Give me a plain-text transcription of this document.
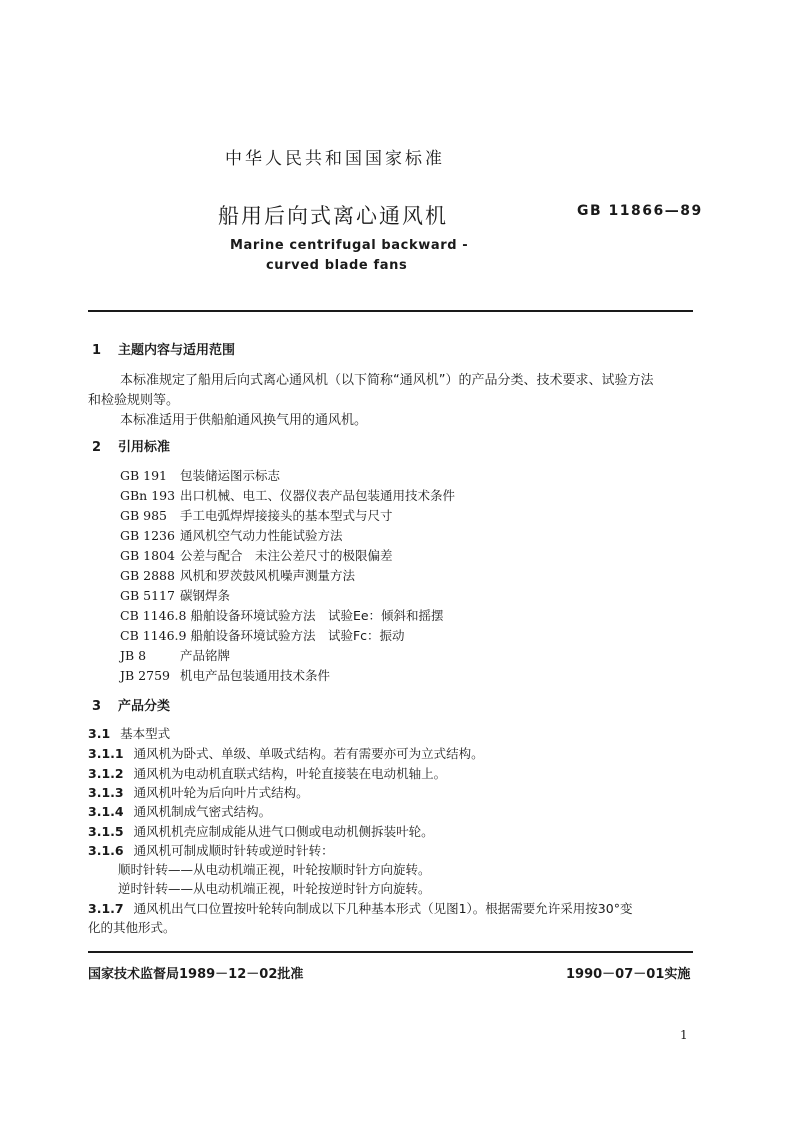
中华人民共和国国家标准
船用后向式离心通风机	GB 11866—89
Marine centrifugal backward -
curved blade fans
1 主题内容与适用范围
本标准规定了船用后向式离心通风机（以下简称“通风机”）的产品分类、技术要求、试验方法
和检验规则等。
本标准适用于供船舶通风换气用的通风机。
2 引用标准
GB 191 包装储运图示标志
GBn 193 出口机械、电工、仪器仪表产品包装通用技术条件
GB 985 手工电弧焊焊接接头的基本型式与尺寸
GB 1236 通风机空气动力性能试验方法
GB 1804 公差与配合　未注公差尺寸的极限偏差
GB 2888 风机和罗茨鼓风机噪声测量方法
GB 5117 碳钢焊条
CB 1146.8 船舶设备环境试验方法　试验Ee：倾斜和摇摆
CB 1146.9 船舶设备环境试验方法　试验Fc：振动
JB 8	产品铭牌
JB 2759 机电产品包装通用技术条件
3 产品分类
3.1 基本型式
3.1.1 通风机为卧式、单级、单吸式结构。若有需要亦可为立式结构。
3.1.2 通风机为电动机直联式结构，叶轮直接装在电动机轴上。
3.1.3 通风机叶轮为后向叶片式结构。
3.1.4 通风机制成气密式结构。
3.1.5 通风机机壳应制成能从进气口侧或电动机侧拆装叶轮。
3.1.6 通风机可制成顺时针转或逆时针转：
顺时针转——从电动机端正视，叶轮按顺时针方向旋转。
逆时针转——从电动机端正视，叶轮按逆时针方向旋转。
3.1.7 通风机出气口位置按叶轮转向制成以下几种基本形式（见图1）。根据需要允许采用按30°变
化的其他形式。
国家技术监督局1989－12－02批准	1990－07－01实施
1
